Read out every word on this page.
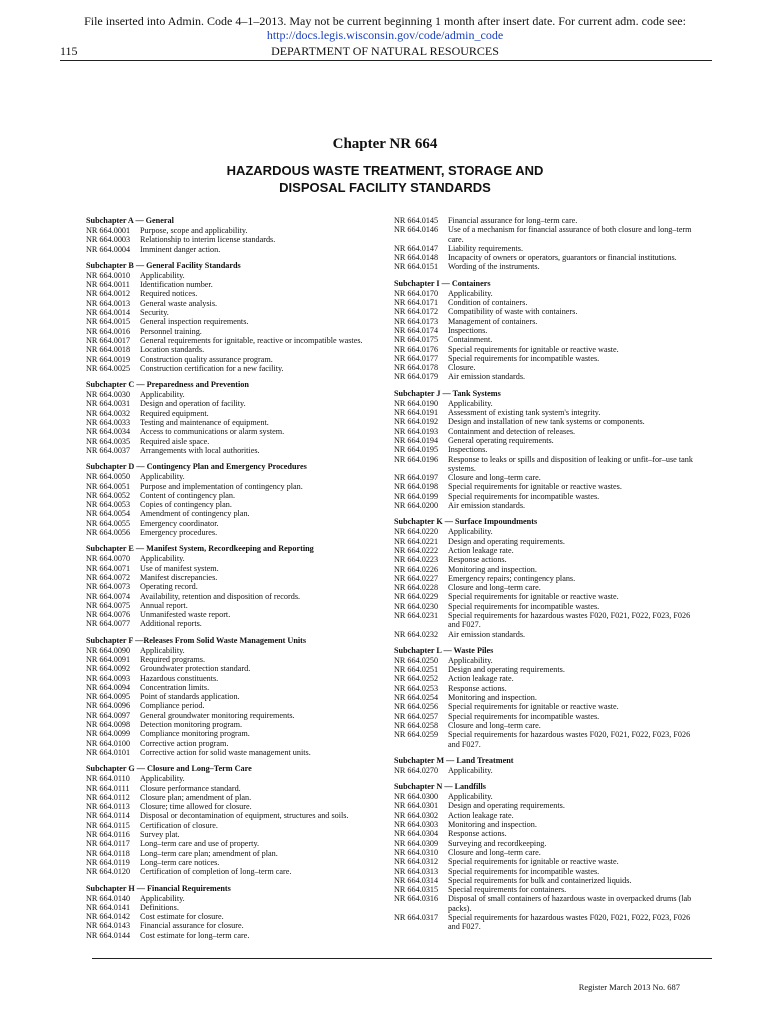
File inserted into Admin. Code 4–1–2013. May not be current beginning 1 month after insert date. For current adm. code see:
http://docs.legis.wisconsin.gov/code/admin_code
115	DEPARTMENT OF NATURAL RESOURCES
Chapter NR 664
HAZARDOUS WASTE TREATMENT, STORAGE AND
DISPOSAL FACILITY STANDARDS
Subchapter A — General
NR 664.0001	Purpose, scope and applicability.
NR 664.0003	Relationship to interim license standards.
NR 664.0004	Imminent danger action.
Subchapter B — General Facility Standards
NR 664.0010	Applicability.
NR 664.0011	Identification number.
NR 664.0012	Required notices.
NR 664.0013	General waste analysis.
NR 664.0014	Security.
NR 664.0015	General inspection requirements.
NR 664.0016	Personnel training.
NR 664.0017	General requirements for ignitable, reactive or incompatible wastes.
NR 664.0018	Location standards.
NR 664.0019	Construction quality assurance program.
NR 664.0025	Construction certification for a new facility.
Subchapter C — Preparedness and Prevention
NR 664.0030	Applicability.
NR 664.0031	Design and operation of facility.
NR 664.0032	Required equipment.
NR 664.0033	Testing and maintenance of equipment.
NR 664.0034	Access to communications or alarm system.
NR 664.0035	Required aisle space.
NR 664.0037	Arrangements with local authorities.
Subchapter D — Contingency Plan and Emergency Procedures
NR 664.0050	Applicability.
NR 664.0051	Purpose and implementation of contingency plan.
NR 664.0052	Content of contingency plan.
NR 664.0053	Copies of contingency plan.
NR 664.0054	Amendment of contingency plan.
NR 664.0055	Emergency coordinator.
NR 664.0056	Emergency procedures.
Subchapter E — Manifest System, Recordkeeping and Reporting
NR 664.0070	Applicability.
NR 664.0071	Use of manifest system.
NR 664.0072	Manifest discrepancies.
NR 664.0073	Operating record.
NR 664.0074	Availability, retention and disposition of records.
NR 664.0075	Annual report.
NR 664.0076	Unmanifested waste report.
NR 664.0077	Additional reports.
Subchapter F —Releases From Solid Waste Management Units
NR 664.0090	Applicability.
NR 664.0091	Required programs.
NR 664.0092	Groundwater protection standard.
NR 664.0093	Hazardous constituents.
NR 664.0094	Concentration limits.
NR 664.0095	Point of standards application.
NR 664.0096	Compliance period.
NR 664.0097	General groundwater monitoring requirements.
NR 664.0098	Detection monitoring program.
NR 664.0099	Compliance monitoring program.
NR 664.0100	Corrective action program.
NR 664.0101	Corrective action for solid waste management units.
Subchapter G — Closure and Long–Term Care
NR 664.0110	Applicability.
NR 664.0111	Closure performance standard.
NR 664.0112	Closure plan; amendment of plan.
NR 664.0113	Closure; time allowed for closure.
NR 664.0114	Disposal or decontamination of equipment, structures and soils.
NR 664.0115	Certification of closure.
NR 664.0116	Survey plat.
NR 664.0117	Long–term care and use of property.
NR 664.0118	Long–term care plan; amendment of plan.
NR 664.0119	Long–term care notices.
NR 664.0120	Certification of completion of long–term care.
Subchapter H — Financial Requirements
NR 664.0140	Applicability.
NR 664.0141	Definitions.
NR 664.0142	Cost estimate for closure.
NR 664.0143	Financial assurance for closure.
NR 664.0144	Cost estimate for long–term care.
NR 664.0145	Financial assurance for long–term care.
NR 664.0146	Use of a mechanism for financial assurance of both closure and long–term care.
NR 664.0147	Liability requirements.
NR 664.0148	Incapacity of owners or operators, guarantors or financial institutions.
NR 664.0151	Wording of the instruments.
Subchapter I — Containers
NR 664.0170	Applicability.
NR 664.0171	Condition of containers.
NR 664.0172	Compatibility of waste with containers.
NR 664.0173	Management of containers.
NR 664.0174	Inspections.
NR 664.0175	Containment.
NR 664.0176	Special requirements for ignitable or reactive waste.
NR 664.0177	Special requirements for incompatible wastes.
NR 664.0178	Closure.
NR 664.0179	Air emission standards.
Subchapter J — Tank Systems
NR 664.0190	Applicability.
NR 664.0191	Assessment of existing tank system's integrity.
NR 664.0192	Design and installation of new tank systems or components.
NR 664.0193	Containment and detection of releases.
NR 664.0194	General operating requirements.
NR 664.0195	Inspections.
NR 664.0196	Response to leaks or spills and disposition of leaking or unfit–for–use tank systems.
NR 664.0197	Closure and long–term care.
NR 664.0198	Special requirements for ignitable or reactive wastes.
NR 664.0199	Special requirements for incompatible wastes.
NR 664.0200	Air emission standards.
Subchapter K — Surface Impoundments
NR 664.0220	Applicability.
NR 664.0221	Design and operating requirements.
NR 664.0222	Action leakage rate.
NR 664.0223	Response actions.
NR 664.0226	Monitoring and inspection.
NR 664.0227	Emergency repairs; contingency plans.
NR 664.0228	Closure and long–term care.
NR 664.0229	Special requirements for ignitable or reactive waste.
NR 664.0230	Special requirements for incompatible wastes.
NR 664.0231	Special requirements for hazardous wastes F020, F021, F022, F023, F026 and F027.
NR 664.0232	Air emission standards.
Subchapter L — Waste Piles
NR 664.0250	Applicability.
NR 664.0251	Design and operating requirements.
NR 664.0252	Action leakage rate.
NR 664.0253	Response actions.
NR 664.0254	Monitoring and inspection.
NR 664.0256	Special requirements for ignitable or reactive waste.
NR 664.0257	Special requirements for incompatible wastes.
NR 664.0258	Closure and long–term care.
NR 664.0259	Special requirements for hazardous wastes F020, F021, F022, F023, F026 and F027.
Subchapter M — Land Treatment
NR 664.0270	Applicability.
Subchapter N — Landfills
NR 664.0300	Applicability.
NR 664.0301	Design and operating requirements.
NR 664.0302	Action leakage rate.
NR 664.0303	Monitoring and inspection.
NR 664.0304	Response actions.
NR 664.0309	Surveying and recordkeeping.
NR 664.0310	Closure and long–term care.
NR 664.0312	Special requirements for ignitable or reactive waste.
NR 664.0313	Special requirements for incompatible wastes.
NR 664.0314	Special requirements for bulk and containerized liquids.
NR 664.0315	Special requirements for containers.
NR 664.0316	Disposal of small containers of hazardous waste in overpacked drums (lab packs).
NR 664.0317	Special requirements for hazardous wastes F020, F021, F022, F023, F026 and F027.
Register March 2013 No. 687
